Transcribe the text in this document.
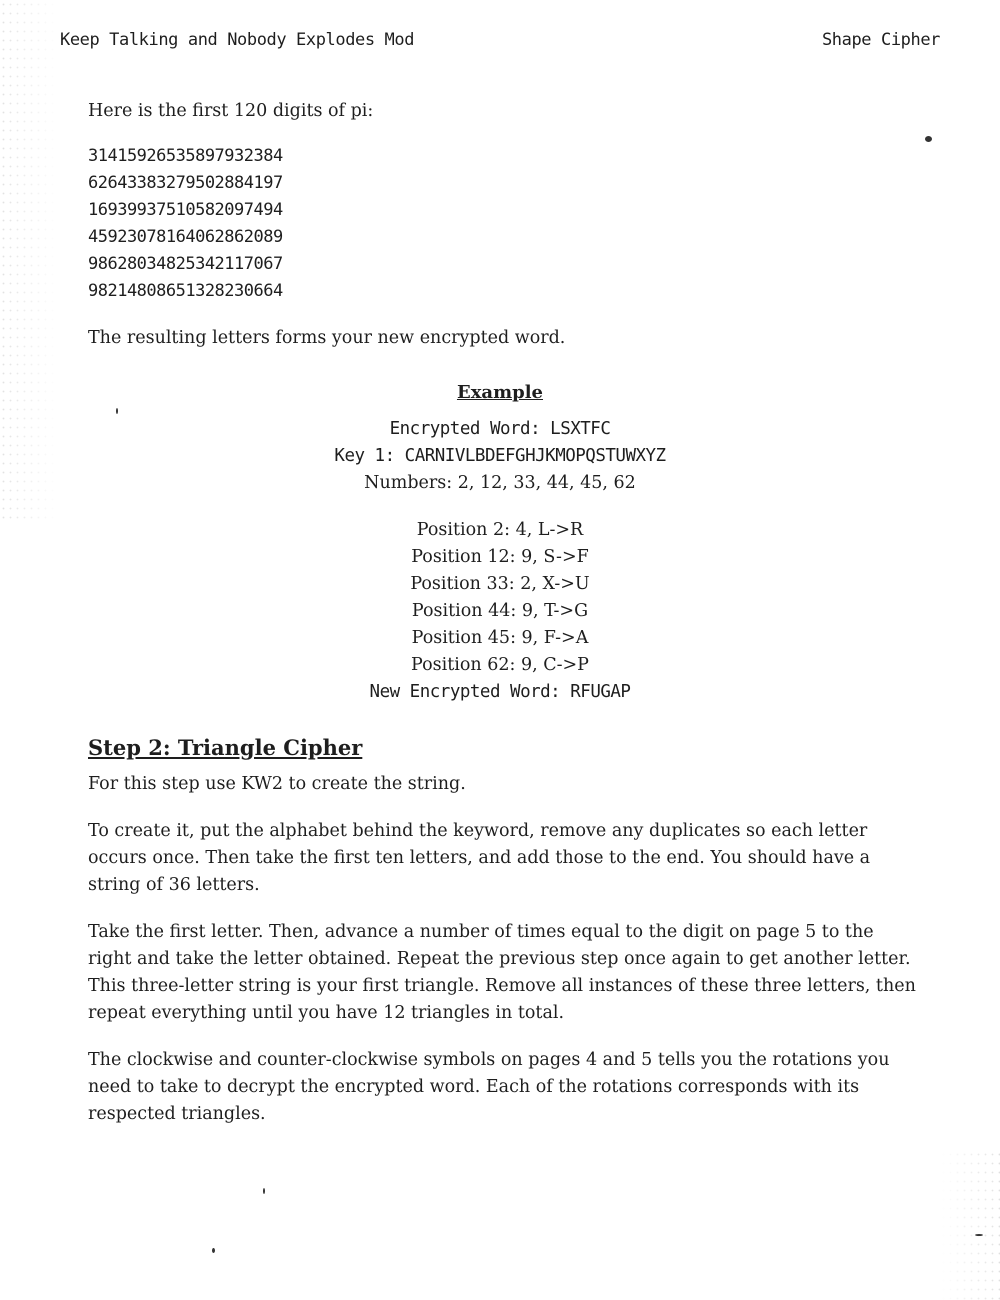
Keep Talking and Nobody Explodes Mod	Shape Cipher

Here is the first 120 digits of pi:

31415926535897932384
62643383279502884197
16939937510582097494
45923078164062862089
98628034825342117067
98214808651328230664

The resulting letters forms your new encrypted word.

Example
Encrypted Word: LSXTFC
Key 1: CARNIVLBDEFGHJKMOPQSTUWXYZ
Numbers: 2, 12, 33, 44, 45, 62
Position 2: 4, L->R
Position 12: 9, S->F
Position 33: 2, X->U
Position 44: 9, T->G
Position 45: 9, F->A
Position 62: 9, C->P
New Encrypted Word: RFUGAP
Step 2: Triangle Cipher

For this step use KW2 to create the string.

To create it, put the alphabet behind the keyword, remove any duplicates so each letter occurs once. Then take the first ten letters, and add those to the end. You should have a string of 36 letters.

Take the first letter. Then, advance a number of times equal to the digit on page 5 to the right and take the letter obtained. Repeat the previous step once again to get another letter. This three-letter string is your first triangle. Remove all instances of these three letters, then repeat everything until you have 12 triangles in total.

The clockwise and counter-clockwise symbols on pages 4 and 5 tells you the rotations you need to take to decrypt the encrypted word. Each of the rotations corresponds with its respected triangles.
